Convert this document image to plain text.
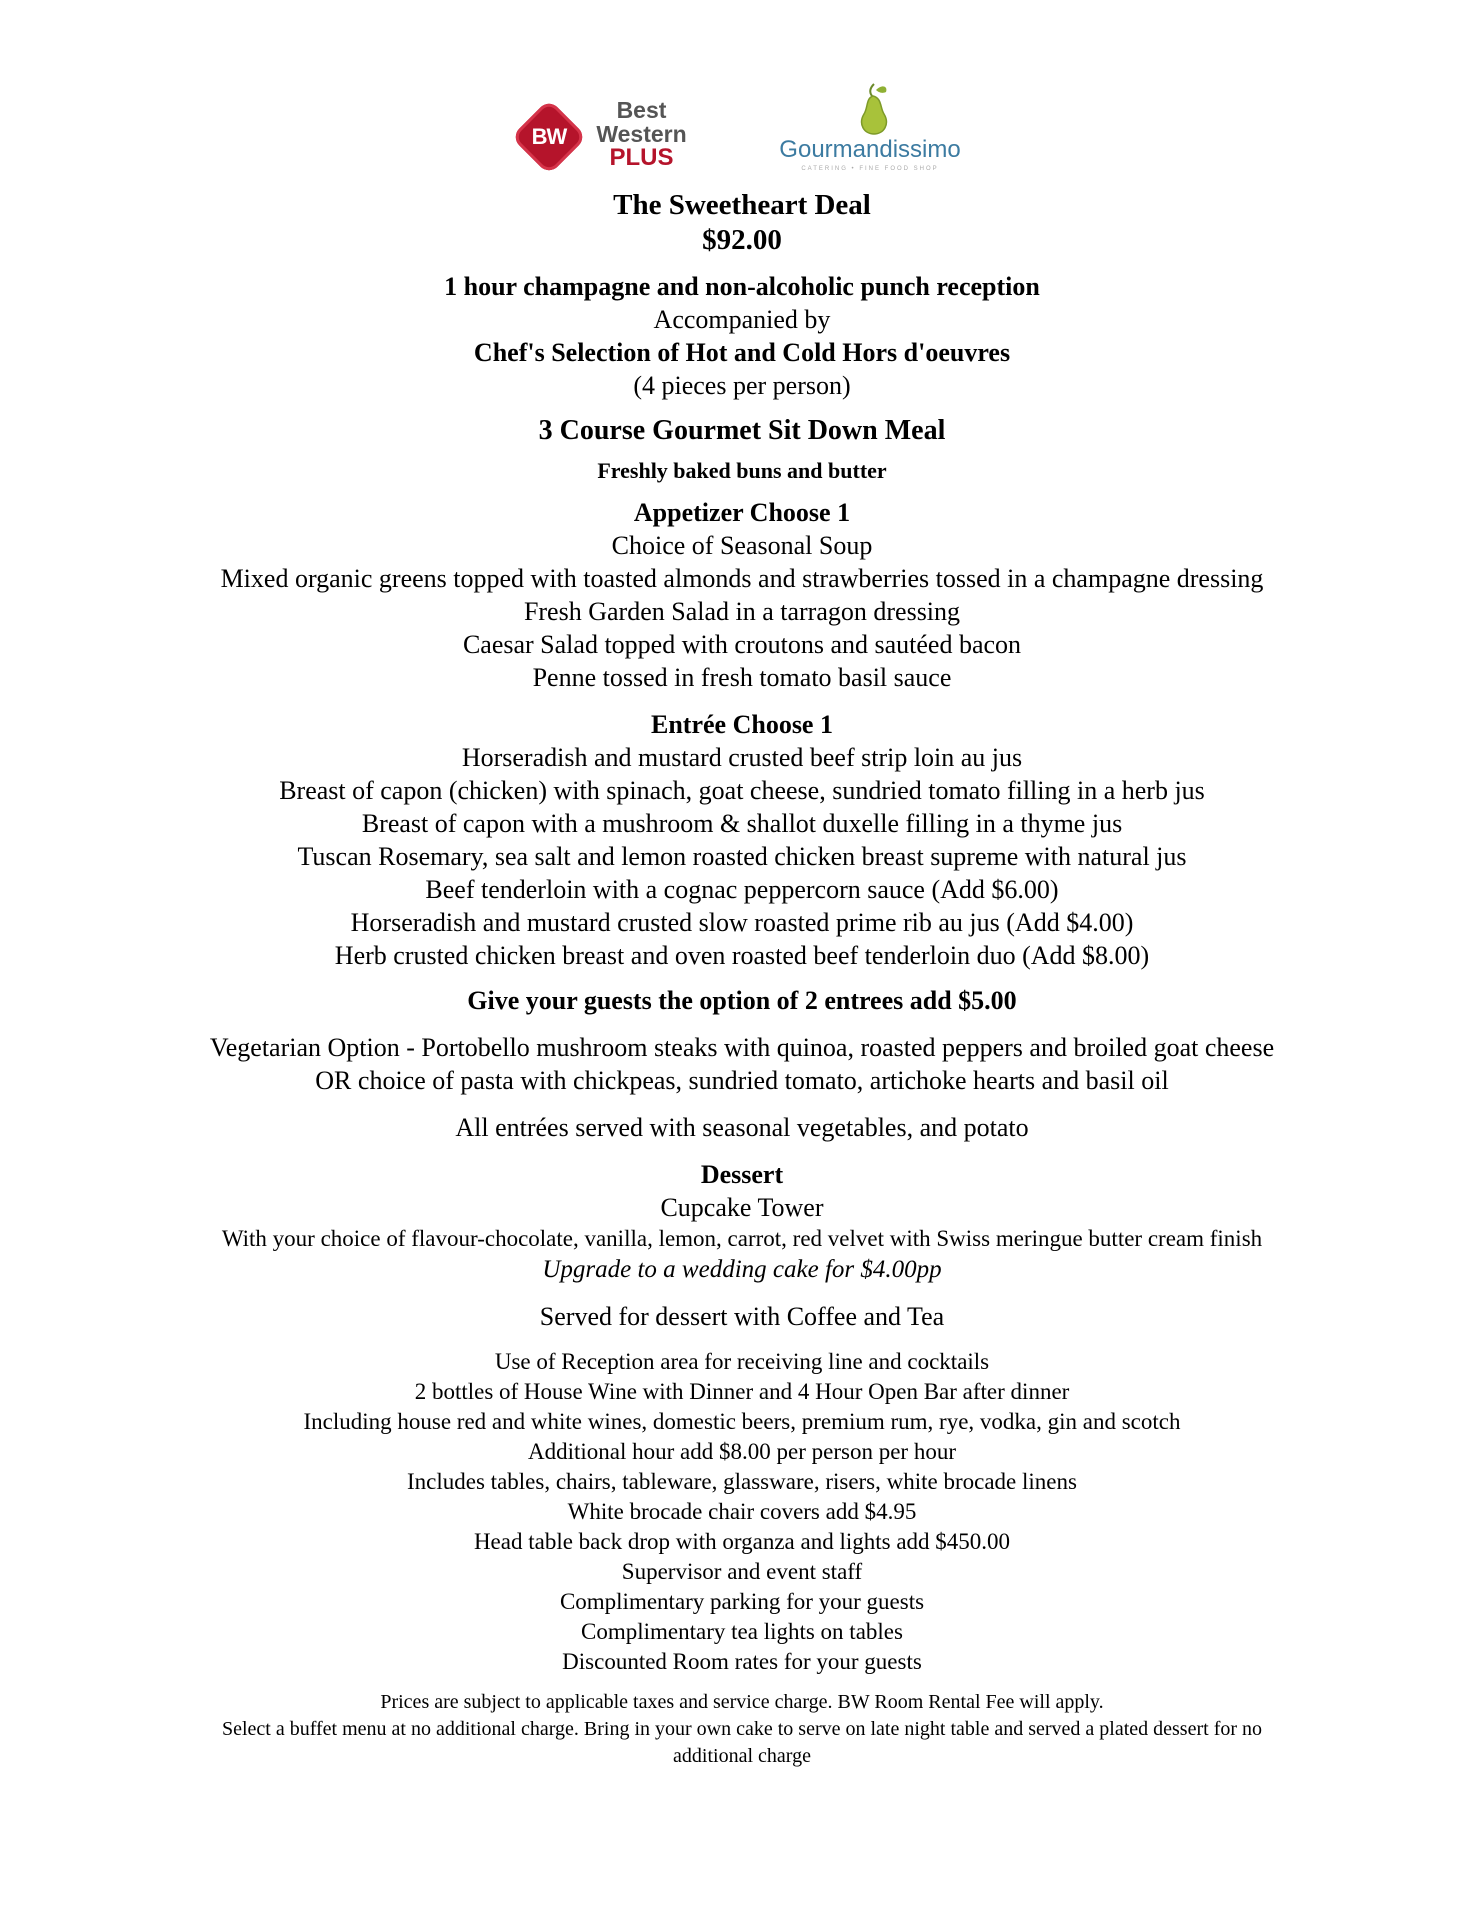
BW
Best
Western
PLUS	Gourmandissimo
CATERING • FINE FOOD SHOP
The Sweetheart Deal
$92.00
1 hour champagne and non-alcoholic punch reception
Accompanied by
Chef's Selection of Hot and Cold Hors d'oeuvres
(4 pieces per person)
3 Course Gourmet Sit Down Meal
Freshly baked buns and butter
Appetizer Choose 1
Choice of Seasonal Soup
Mixed organic greens topped with toasted almonds and strawberries tossed in a champagne dressing
Fresh Garden Salad in a tarragon dressing
Caesar Salad topped with croutons and sautéed bacon
Penne tossed in fresh tomato basil sauce
Entrée Choose 1
Horseradish and mustard crusted beef strip loin au jus
Breast of capon (chicken) with spinach, goat cheese, sundried tomato filling in a herb jus
Breast of capon with a mushroom & shallot duxelle filling in a thyme jus
Tuscan Rosemary, sea salt and lemon roasted chicken breast supreme with natural jus
Beef tenderloin with a cognac peppercorn sauce (Add $6.00)
Horseradish and mustard crusted slow roasted prime rib au jus (Add $4.00)
Herb crusted chicken breast and oven roasted beef tenderloin duo (Add $8.00)
Give your guests the option of 2 entrees add $5.00
Vegetarian Option - Portobello mushroom steaks with quinoa, roasted peppers and broiled goat cheese
OR choice of pasta with chickpeas, sundried tomato, artichoke hearts and basil oil
All entrées served with seasonal vegetables, and potato
Dessert
Cupcake Tower
With your choice of flavour-chocolate, vanilla, lemon, carrot, red velvet with Swiss meringue butter cream finish
Upgrade to a wedding cake for $4.00pp
Served for dessert with Coffee and Tea
Use of Reception area for receiving line and cocktails
2 bottles of House Wine with Dinner and 4 Hour Open Bar after dinner
Including house red and white wines, domestic beers, premium rum, rye, vodka, gin and scotch
Additional hour add $8.00 per person per hour
Includes tables, chairs, tableware, glassware, risers, white brocade linens
White brocade chair covers add $4.95
Head table back drop with organza and lights add $450.00
Supervisor and event staff
Complimentary parking for your guests
Complimentary tea lights on tables
Discounted Room rates for your guests
Prices are subject to applicable taxes and service charge. BW Room Rental Fee will apply.
Select a buffet menu at no additional charge. Bring in your own cake to serve on late night table and served a plated dessert for no
additional charge
